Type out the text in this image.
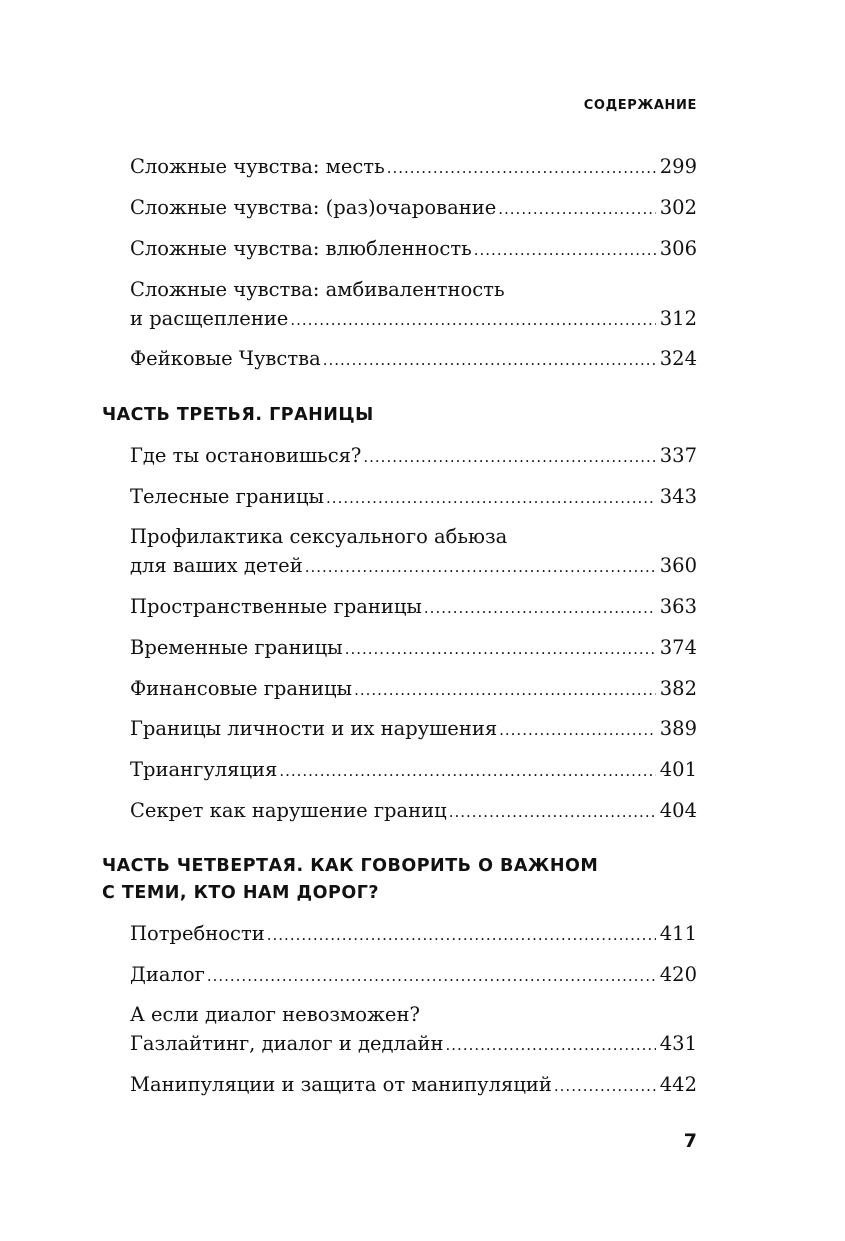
СОДЕРЖАНИЕ
Сложные чувства: месть .....	299
Сложные чувства: (раз)очарование .....	302
Сложные чувства: влюбленность .....	306
Сложные чувства: амбивалентность
и расщепление .....	312
Фейковые Чувства .....	324
ЧАСТЬ ТРЕТЬЯ. ГРАНИЦЫ
Где ты остановишься? .....	337
Телесные границы .....	343
Профилактика сексуального абьюза
для ваших детей .....	360
Пространственные границы .....	363
Временные границы .....	374
Финансовые границы .....	382
Границы личности и их нарушения .....	389
Триангуляция .....	401
Секрет как нарушение границ .....	404
ЧАСТЬ ЧЕТВЕРТАЯ. КАК ГОВОРИТЬ О ВАЖНОМ
С ТЕМИ, КТО НАМ ДОРОГ?
Потребности .....	411
Диалог .....	420
А если диалог невозможен?
Газлайтинг, диалог и дедлайн .....	431
Манипуляции и защита от манипуляций .....	442
7
